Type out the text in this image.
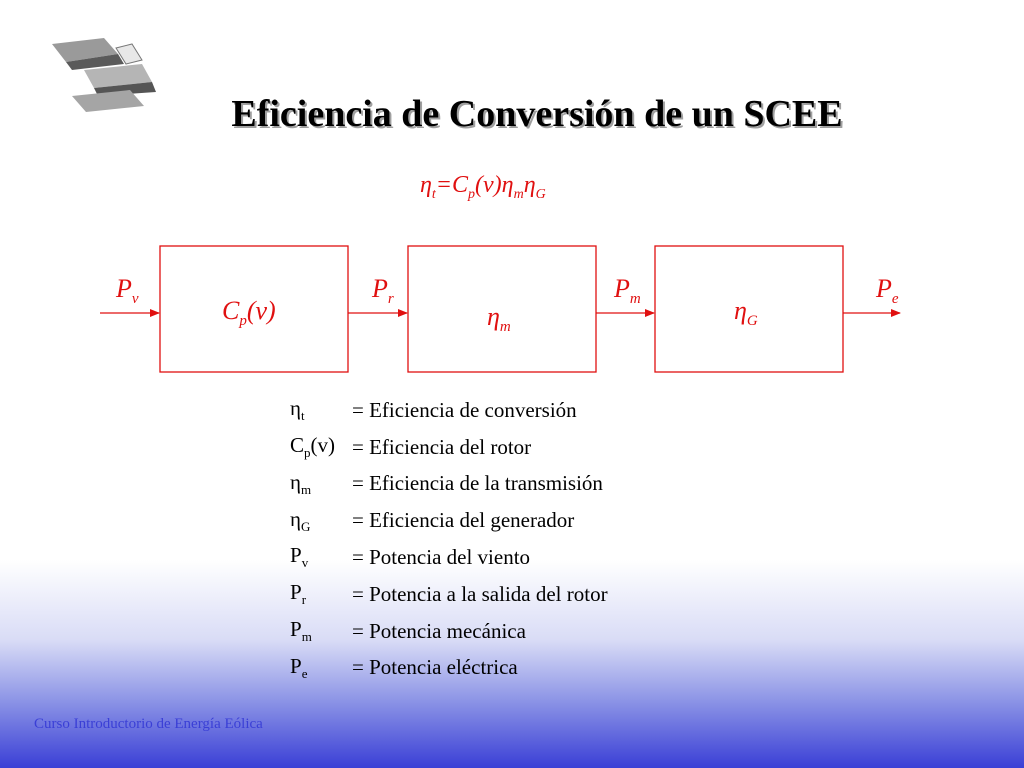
Eficiencia de Conversión de un SCEE
$\eta_t=C_p(v)\eta_m\eta_G$
$P_v$	$P_r$	$P_m$	$P_e$
$C_p(v)$	$\eta_m$
$\eta_G$
$\eta_t$	= Eficiencia de conversión
$C_p(v)$ = Eficiencia del rotor
$\eta_m$	= Eficiencia de la transmisión
$\eta_G$	= Eficiencia del generador
$P_v$	= Potencia del viento
$P_r$	= Potencia a la salida del rotor
$P_m$	= Potencia mecánica
$P_e$	= Potencia eléctrica
Curso Introductorio de Energía Eólica
